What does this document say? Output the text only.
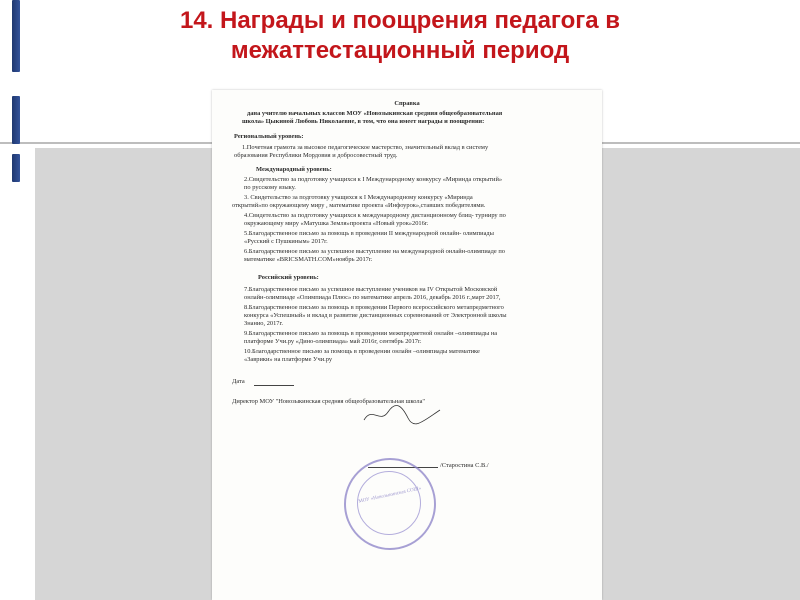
14. Награды и поощрения педагога в
межаттестационный период
Справка
дана учителю начальных классов МОУ «Новозыкинская средняя общеобразовательная
школа» Цыкиной Любовь Николаевне, в том, что она имеет награды и поощрения:
Региональный уровень:
1.Почетная грамота за высокое педагогическое мастерство, значительный вклад в систему
образования Республики Мордовия и добросовестный труд.
Международный уровень:
2.Свидетельство за подготовку учащихся к I Международному конкурсу «Миринда открытий»
по русскому языку.
3. Свидетельство за подготовку учащихся к I Международному конкурсу «Миринда
открытий»по окружающему миру , математике проекта «Инфоурок»,ставших победителями.
4.Свидетельство за подготовку учащихся к международному дистанционному блиц- турниру по
окружающему миру «Матушка Земля»проекта «Новый урок»2016г.
5.Благодарственное письмо за помощь в проведении II международной онлайн- олимпиады
«Русский с Пушкиным» 2017г.
6.Благодарственное письмо за успешное выступление на международной онлайн-олимпиаде по
математике «BRICSMATH.COM»ноябрь 2017г.
Российский уровень:
7.Благодарственное письмо за успешное выступление учеников на IV Открытой Московской
онлайн-олимпиаде «Олимпиада Плюс» по математике апрель 2016, декабрь 2016 г.,март 2017,
8.Благодарственное письмо за помощь в проведении Первого всероссийского метапредметного
конкурса «Успешный» и вклад в развитие дистанционных соревнований от Электронной школы
Знанио, 2017г.
9.Благодарственное письмо за помощь в проведении межпредметной онлайн –олимпиады на
платформе Учи.ру «Дино-олимпиада» май 2016г, сентябрь 2017г.
10.Благодарственное письмо за помощь в проведении онлайн –олимпиады математике
«Заврики» на платформе Учи.ру
Дата
Директор МОУ "Новозыкинская средняя общеобразовательная школа"
/Старостина С.В./
МОУ «Новозыкинская СОШ»
